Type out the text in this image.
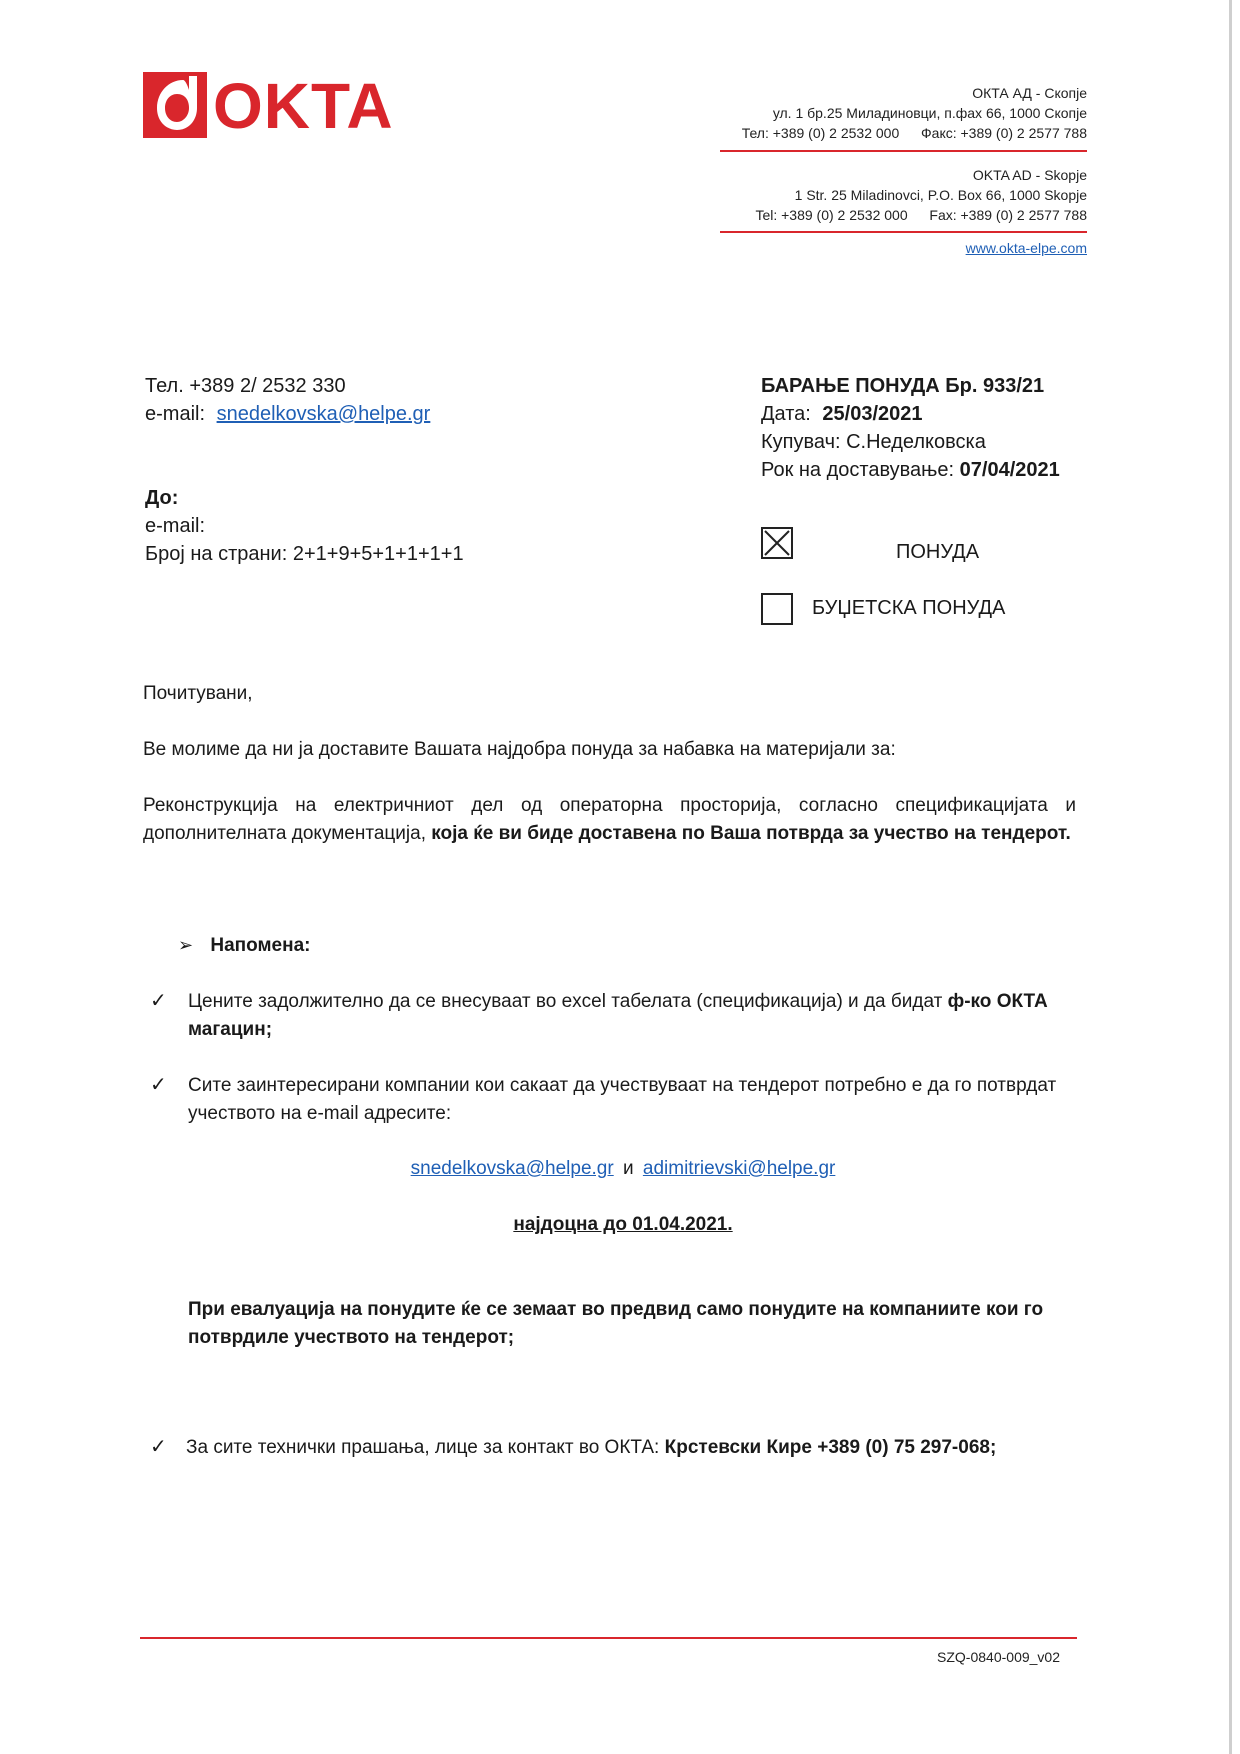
OKTA	ОКТА АД - Скопје
ул. 1 бр.25 Миладиновци, п.фах 66, 1000 Скопје
Тел: +389 (0) 2 2532 000 Факс: +389 (0) 2 2577 788
OKTA AD - Skopje
1 Str. 25 Miladinovci, P.O. Box 66, 1000 Skopje
Tel: +389 (0) 2 2532 000 Fax: +389 (0) 2 2577 788
www.okta-elpe.com
Тел. +389 2/ 2532 330
e-mail: snedelkovska@helpe.gr
БАРАЊЕ ПОНУДА Бр. 933/21
Дата: 25/03/2021
Купувач: С.Неделковска
Рок на доставување: 07/04/2021
До:
e-mail:
Број на страни: 2+1+9+5+1+1+1+1	ПОНУДА
БУЏЕТСКА ПОНУДА
Почитувани,
Ве молиме да ни ја доставите Вашата најдобра понуда за набавка на материјали за:
Реконструкција на електричниот дел од операторна просторија, согласно спецификацијата и дополнителната документација, која ќе ви биде доставена по Ваша потврда за учество на тендерот.
➢ Напомена:
✓ Цените задолжително да се внесуваат во excel табелата (спецификација) и да бидат ф-ко ОКТА магацин;
✓ Сите заинтересирани компании кои сакаат да учествуваат на тендерот потребно е да го потврдат учеството на e-mail адресите:
snedelkovska@helpe.gr и adimitrievski@helpe.gr
најдоцна до 01.04.2021.
При евалуација на понудите ќе се земаат во предвид само понудите на компаниите кои го потврдиле учеството на тендерот;
✓ За сите технички прашања, лице за контакт во ОКТА: Крстевски Кире +389 (0) 75 297-068;
SZQ-0840-009_v02
